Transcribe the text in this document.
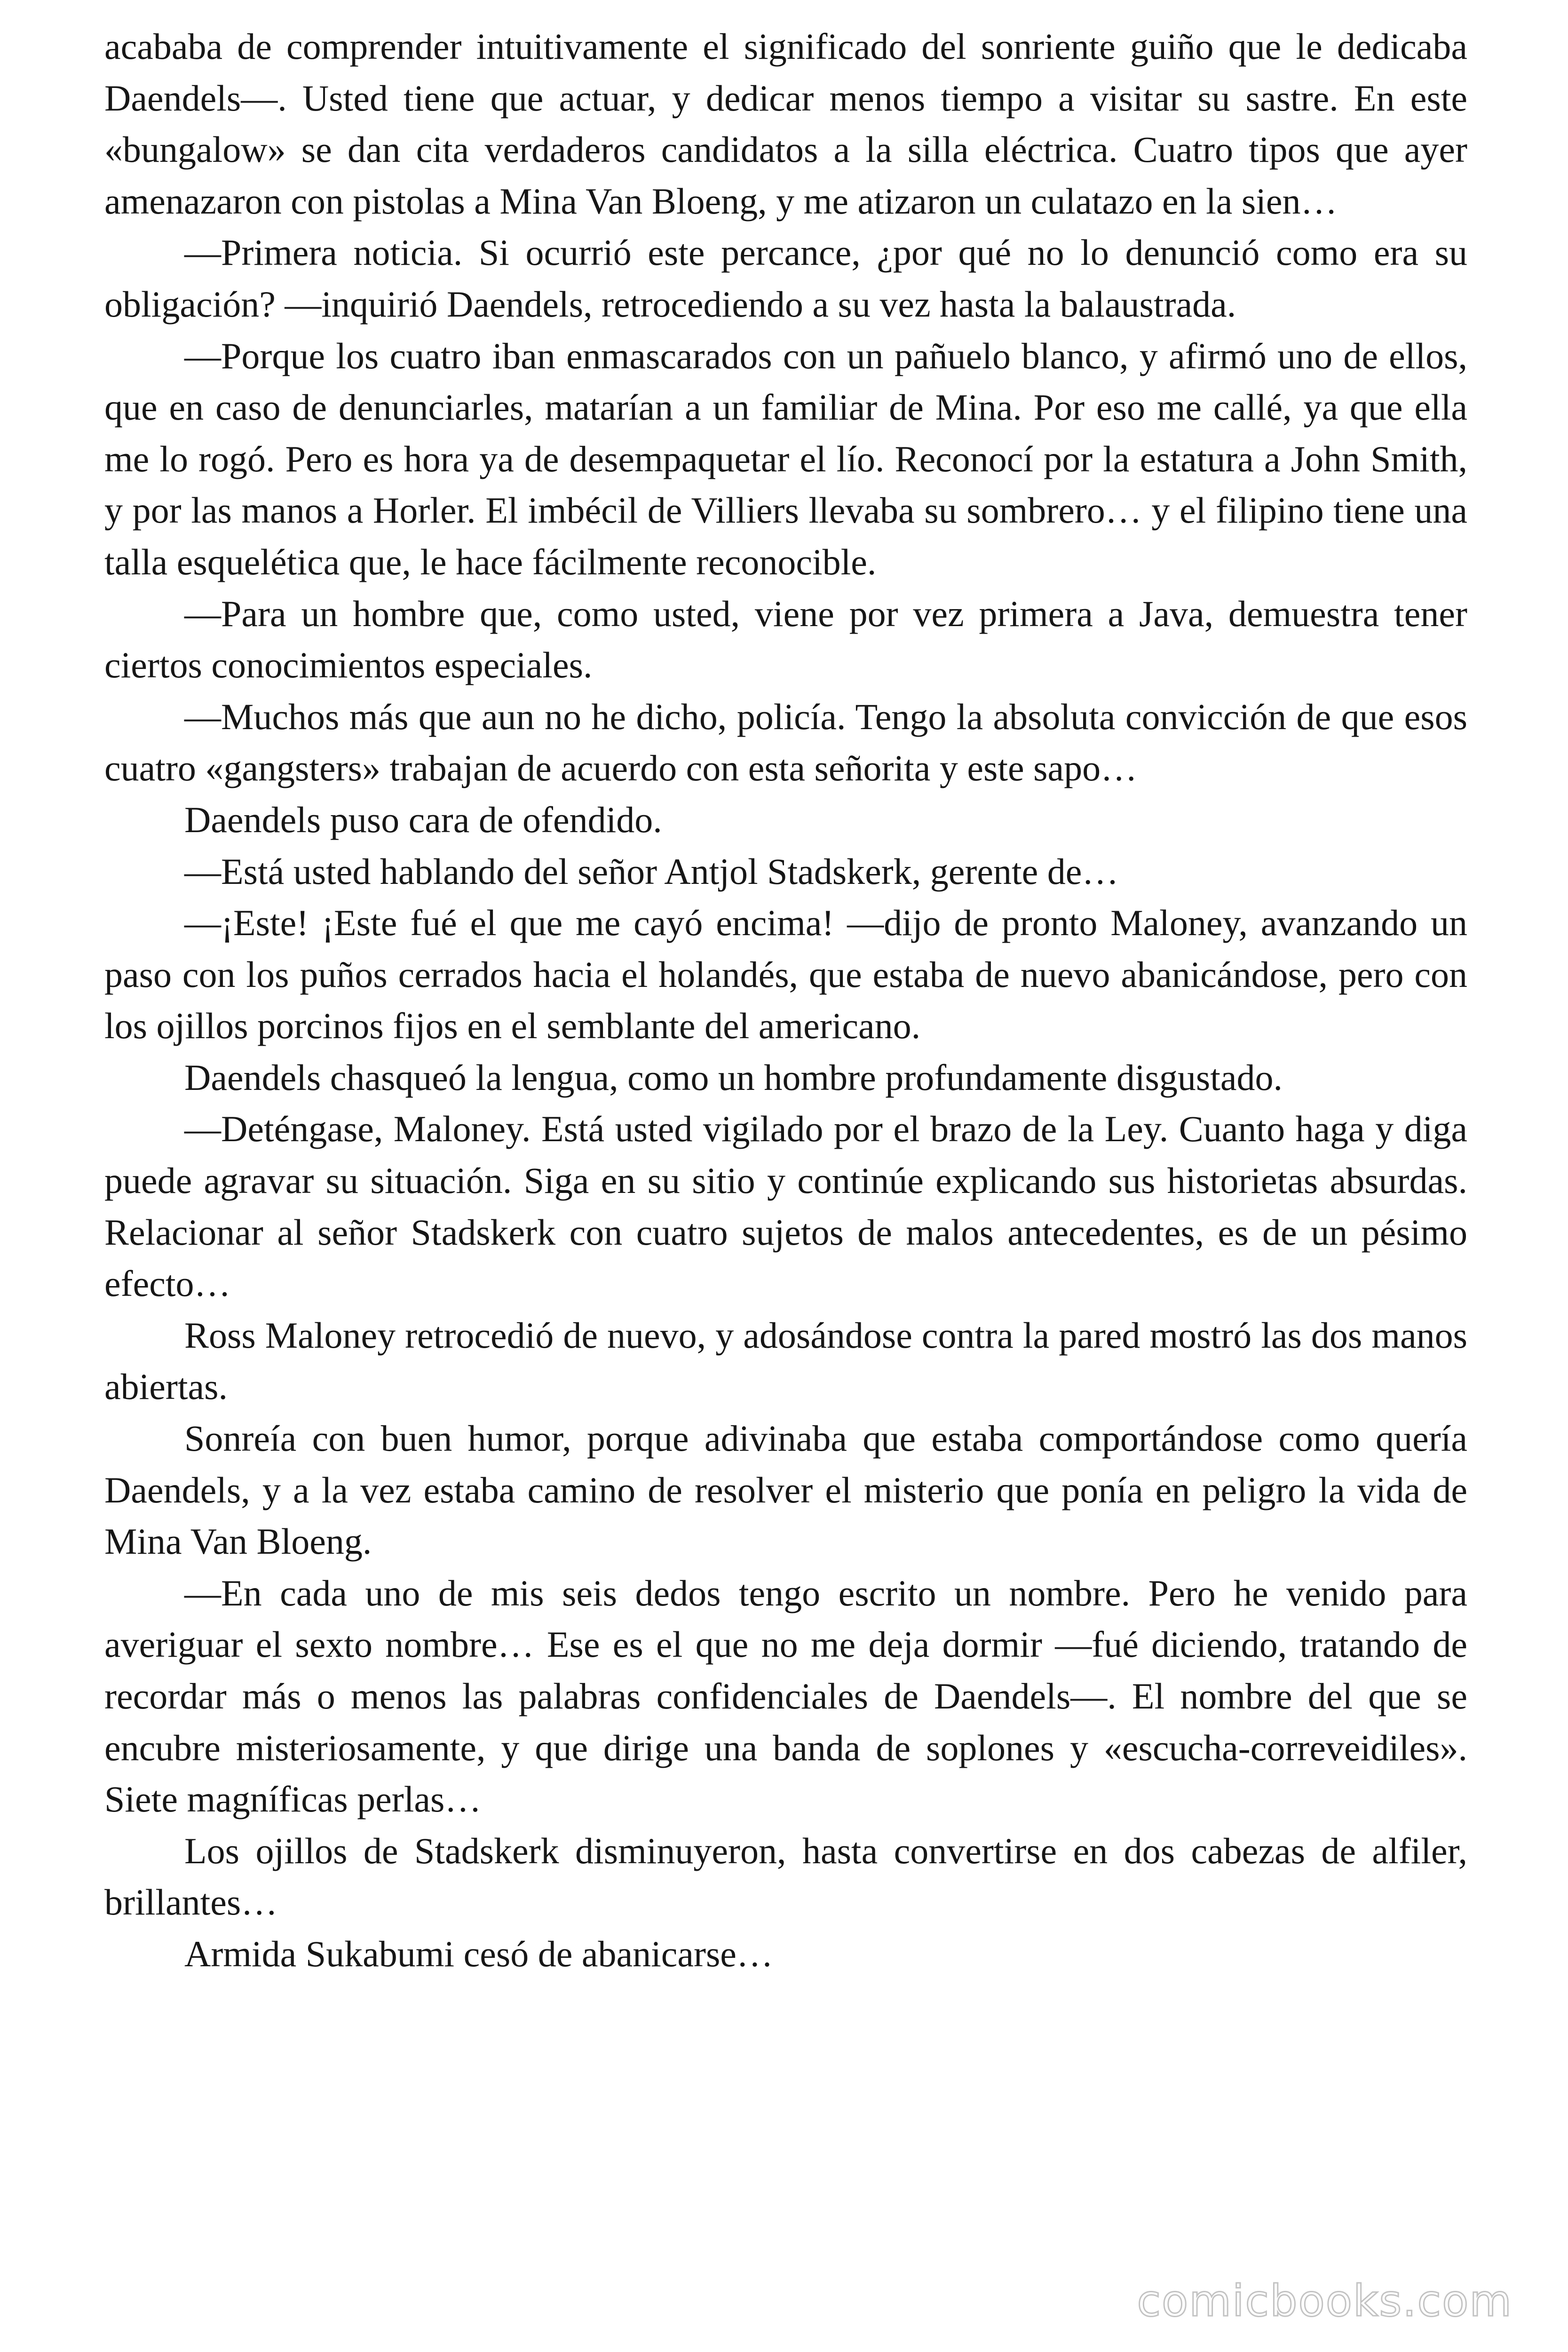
acababa de comprender intuitivamente el significado del sonriente guiño que le dedicaba Daendels—. Usted tiene que actuar, y dedicar menos tiempo a visitar su sastre. En este «bungalow» se dan cita verdaderos candidatos a la silla eléctrica. Cuatro tipos que ayer amenazaron con pistolas a Mina Van Bloeng, y me atizaron un culatazo en la sien…

—Primera noticia. Si ocurrió este percance, ¿por qué no lo denunció como era su obligación? —inquirió Daendels, retrocediendo a su vez hasta la balaustrada.

—Porque los cuatro iban enmascarados con un pañuelo blanco, y afirmó uno de ellos, que en caso de denunciarles, matarían a un familiar de Mina. Por eso me callé, ya que ella me lo rogó. Pero es hora ya de desempaquetar el lío. Reconocí por la estatura a John Smith, y por las manos a Horler. El imbécil de Villiers llevaba su sombrero… y el filipino tiene una talla esquelética que, le hace fácilmente reconocible.

—Para un hombre que, como usted, viene por vez primera a Java, demuestra tener ciertos conocimientos especiales.

—Muchos más que aun no he dicho, policía. Tengo la absoluta convicción de que esos cuatro «gangsters» trabajan de acuerdo con esta señorita y este sapo…

Daendels puso cara de ofendido.

—Está usted hablando del señor Antjol Stadskerk, gerente de…

—¡Este! ¡Este fué el que me cayó encima! —dijo de pronto Maloney, avanzando un paso con los puños cerrados hacia el holandés, que estaba de nuevo abanicándose, pero con los ojillos porcinos fijos en el semblante del americano.

Daendels chasqueó la lengua, como un hombre profundamente disgustado.

—Deténgase, Maloney. Está usted vigilado por el brazo de la Ley. Cuanto haga y diga puede agravar su situación. Siga en su sitio y continúe explicando sus historietas absurdas. Relacionar al señor Stadskerk con cuatro sujetos de malos antecedentes, es de un pésimo efecto…

Ross Maloney retrocedió de nuevo, y adosándose contra la pared mostró las dos manos abiertas.

Sonreía con buen humor, porque adivinaba que estaba comportándose como quería Daendels, y a la vez estaba camino de resolver el misterio que ponía en peligro la vida de Mina Van Bloeng.

—En cada uno de mis seis dedos tengo escrito un nombre. Pero he venido para averiguar el sexto nombre… Ese es el que no me deja dormir —fué diciendo, tratando de recordar más o menos las palabras confidenciales de Daendels—. El nombre del que se encubre misteriosamente, y que dirige una banda de soplones y «escucha-correveidiles». Siete magníficas perlas…

Los ojillos de Stadskerk disminuyeron, hasta convertirse en dos cabezas de alfiler, brillantes…

Armida Sukabumi cesó de abanicarse…

comicbooks.com
